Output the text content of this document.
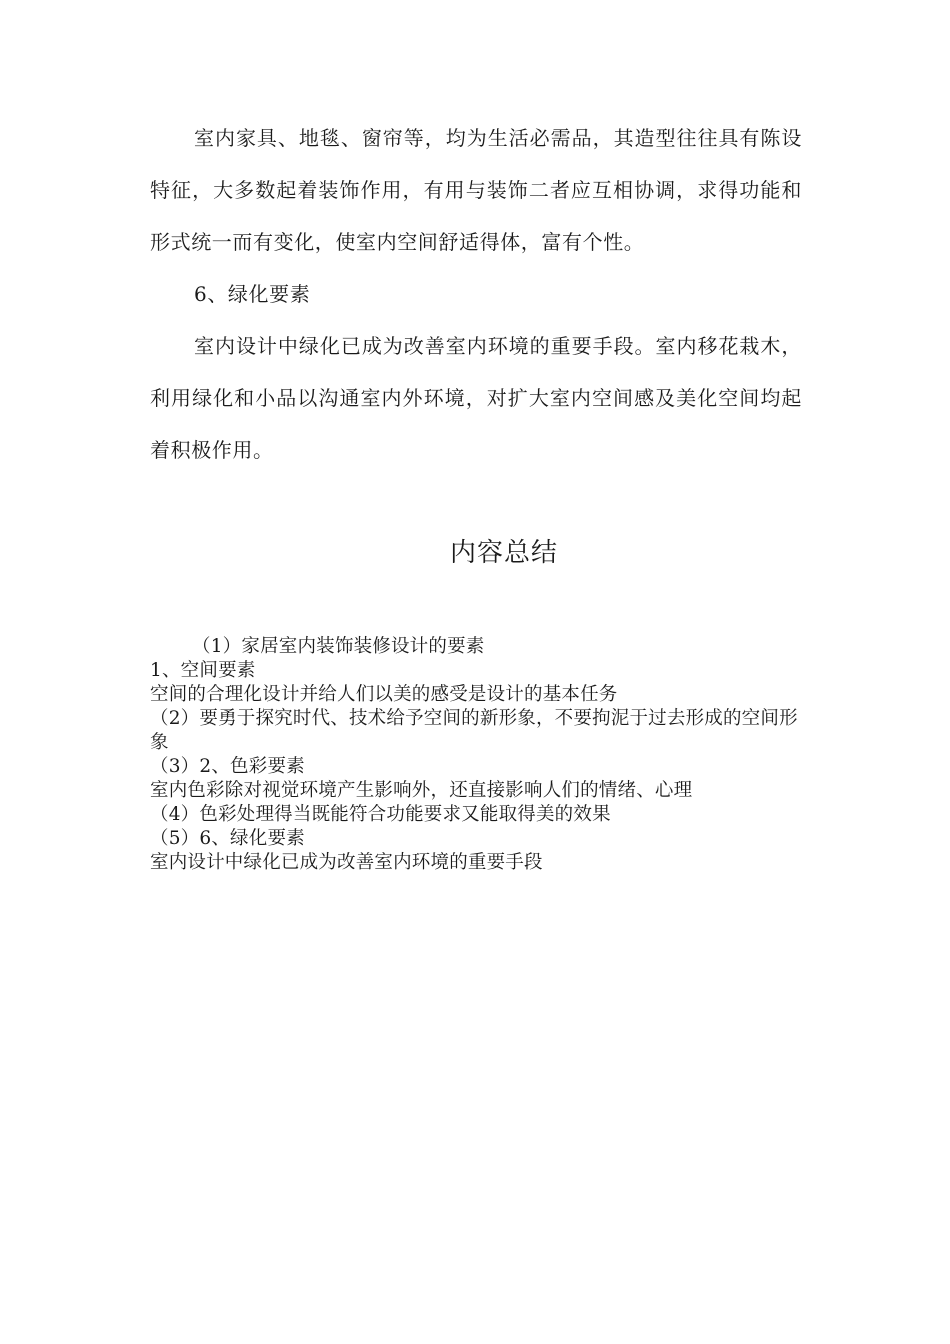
室内家具、地毯、窗帘等，均为生活必需品，其造型往往具有陈设特征，大多数起着装饰作用，有用与装饰二者应互相协调，求得功能和形式统一而有变化，使室内空间舒适得体，富有个性。

6、绿化要素

室内设计中绿化已成为改善室内环境的重要手段。室内移花栽木，利用绿化和小品以沟通室内外环境，对扩大室内空间感及美化空间均起着积极作用。

内容总结

（1）家居室内装饰装修设计的要素

1、空间要素

空间的合理化设计并给人们以美的感受是设计的基本任务

（2）要勇于探究时代、技术给予空间的新形象，不要拘泥于过去形成的空间形象

（3）2、色彩要素

室内色彩除对视觉环境产生影响外，还直接影响人们的情绪、心理

（4）色彩处理得当既能符合功能要求又能取得美的效果

（5）6、绿化要素

室内设计中绿化已成为改善室内环境的重要手段
